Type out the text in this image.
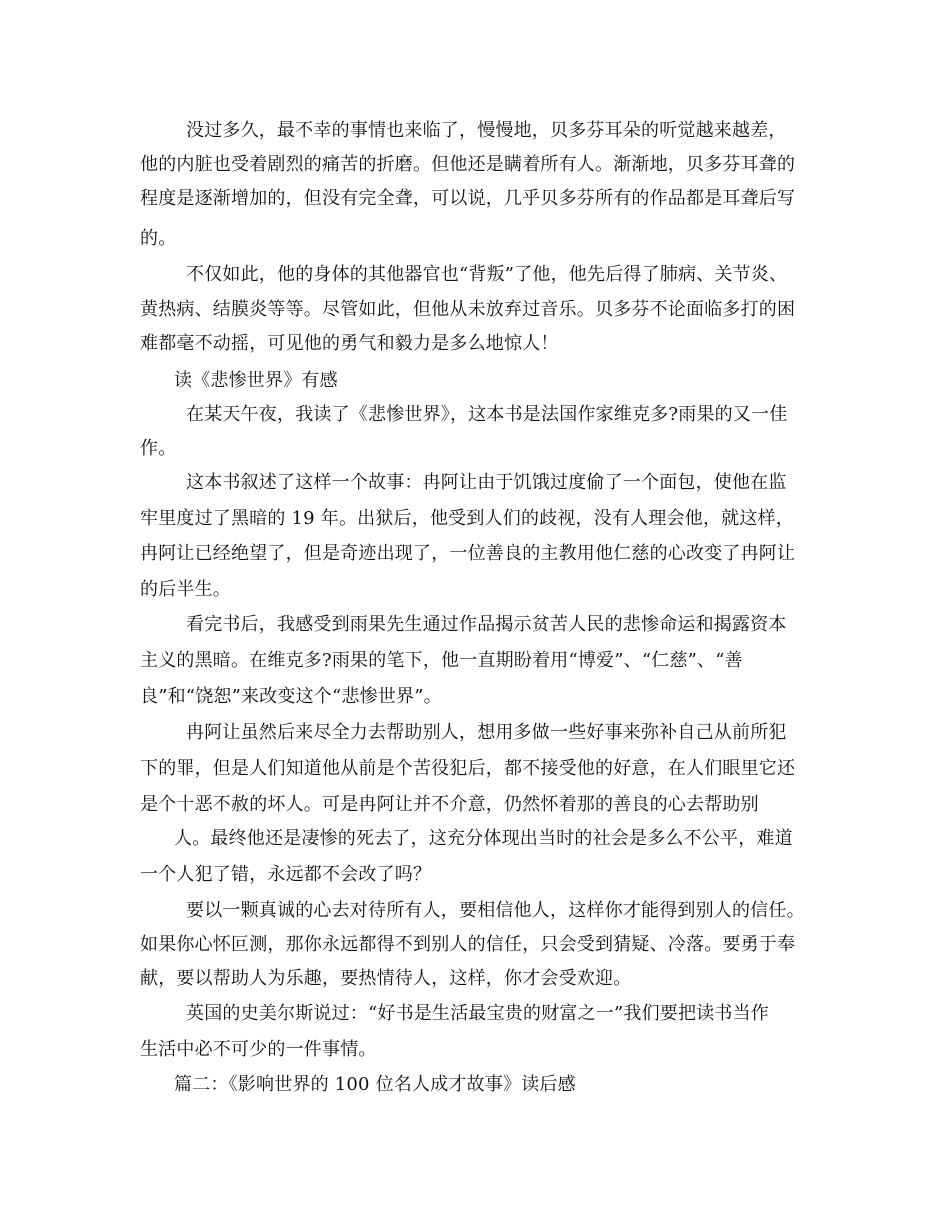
没过多久，最不幸的事情也来临了，慢慢地，贝多芬耳朵的听觉越来越差，
他的内脏也受着剧烈的痛苦的折磨。但他还是瞒着所有人。渐渐地，贝多芬耳聋的
程度是逐渐增加的，但没有完全聋，可以说，几乎贝多芬所有的作品都是耳聋后写
的。
不仅如此，他的身体的其他器官也“背叛”了他，他先后得了肺病、关节炎、
黄热病、结膜炎等等。尽管如此，但他从未放弃过音乐。贝多芬不论面临多打的困
难都毫不动摇，可见他的勇气和毅力是多么地惊人！
读《悲惨世界》有感
在某天午夜，我读了《悲惨世界》，这本书是法国作家维克多?雨果的又一佳
作。
这本书叙述了这样一个故事：冉阿让由于饥饿过度偷了一个面包，使他在监
牢里度过了黑暗的 19 年。出狱后，他受到人们的歧视，没有人理会他，就这样，
冉阿让已经绝望了，但是奇迹出现了，一位善良的主教用他仁慈的心改变了冉阿让
的后半生。
看完书后，我感受到雨果先生通过作品揭示贫苦人民的悲惨命运和揭露资本
主义的黑暗。在维克多?雨果的笔下，他一直期盼着用“博爱”、“仁慈”、“善
良”和“饶恕”来改变这个“悲惨世界”。
冉阿让虽然后来尽全力去帮助别人，想用多做一些好事来弥补自己从前所犯
下的罪，但是人们知道他从前是个苦役犯后，都不接受他的好意，在人们眼里它还
是个十恶不赦的坏人。可是冉阿让并不介意，仍然怀着那的善良的心去帮助别
人。最终他还是凄惨的死去了，这充分体现出当时的社会是多么不公平，难道
一个人犯了错，永远都不会改了吗？
要以一颗真诚的心去对待所有人，要相信他人，这样你才能得到别人的信任。
如果你心怀叵测，那你永远都得不到别人的信任，只会受到猜疑、冷落。要勇于奉
献，要以帮助人为乐趣，要热情待人，这样，你才会受欢迎。
英国的史美尔斯说过：“好书是生活最宝贵的财富之一”我们要把读书当作
生活中必不可少的一件事情。
篇二：《影响世界的 100 位名人成才故事》读后感
